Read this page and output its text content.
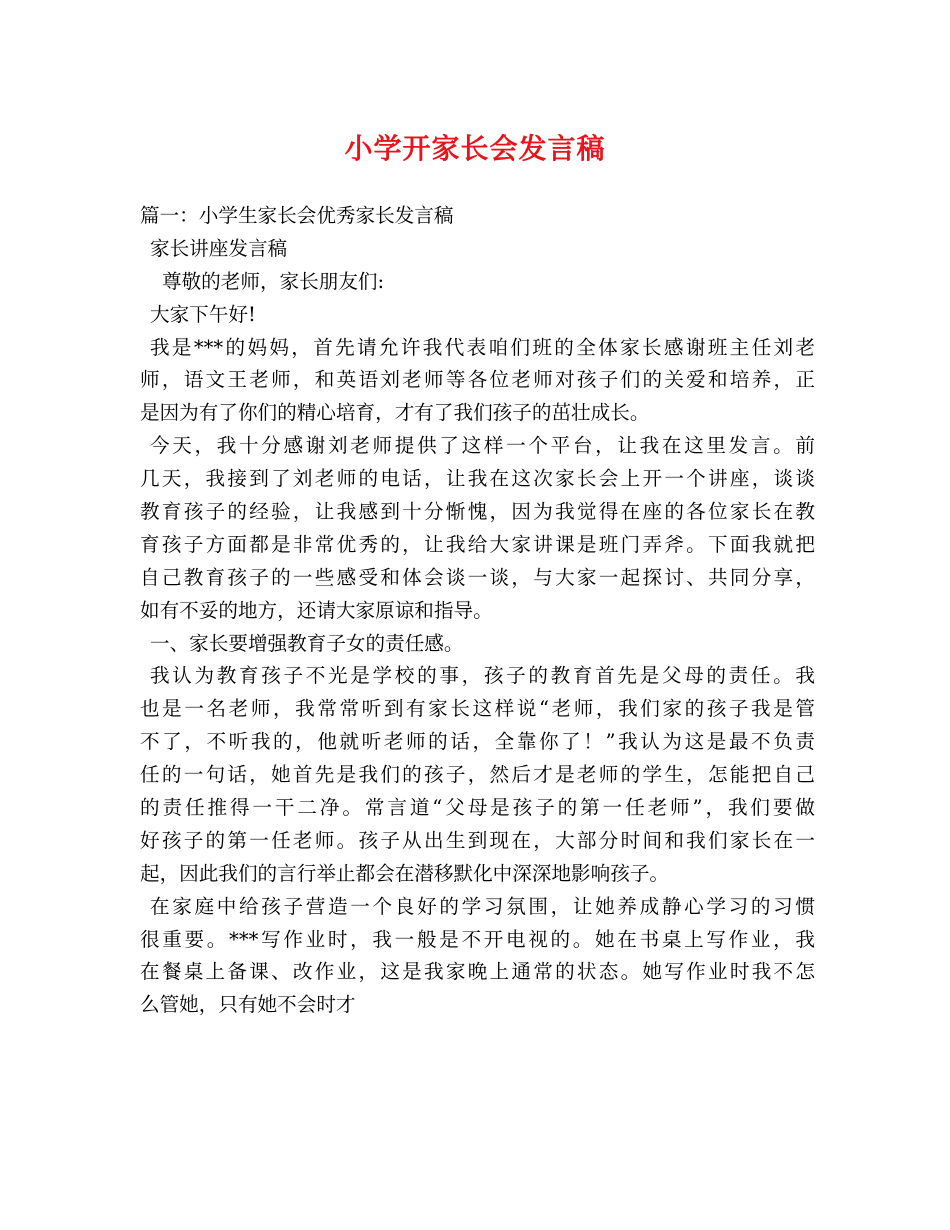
小学开家长会发言稿
篇一：小学生家长会优秀家长发言稿
家长讲座发言稿
尊敬的老师，家长朋友们:
大家下午好!
我是***的妈妈，首先请允许我代表咱们班的全体家长感谢班主任刘老
师，语文王老师，和英语刘老师等各位老师对孩子们的关爱和培养，正
是因为有了你们的精心培育，才有了我们孩子的茁壮成长。
今天，我十分感谢刘老师提供了这样一个平台，让我在这里发言。前
几天，我接到了刘老师的电话，让我在这次家长会上开一个讲座，谈谈
教育孩子的经验，让我感到十分惭愧，因为我觉得在座的各位家长在教
育孩子方面都是非常优秀的，让我给大家讲课是班门弄斧。下面我就把
自己教育孩子的一些感受和体会谈一谈，与大家一起探讨、共同分享，
如有不妥的地方，还请大家原谅和指导。
一、家长要增强教育子女的责任感。
我认为教育孩子不光是学校的事，孩子的教育首先是父母的责任。我
也是一名老师，我常常听到有家长这样说“老师，我们家的孩子我是管
不了，不听我的，他就听老师的话，全靠你了！”我认为这是最不负责
任的一句话，她首先是我们的孩子，然后才是老师的学生，怎能把自己
的责任推得一干二净。常言道“父母是孩子的第一任老师”，我们要做
好孩子的第一任老师。孩子从出生到现在，大部分时间和我们家长在一
起，因此我们的言行举止都会在潜移默化中深深地影响孩子。
在家庭中给孩子营造一个良好的学习氛围，让她养成静心学习的习惯
很重要。***写作业时，我一般是不开电视的。她在书桌上写作业，我
在餐桌上备课、改作业，这是我家晚上通常的状态。她写作业时我不怎
么管她，只有她不会时才
